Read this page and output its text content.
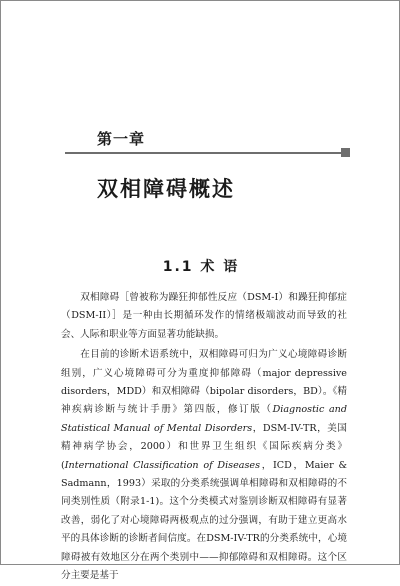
第一章
双相障碍概述
1.1 术 语

双相障碍［曾被称为躁狂抑郁性反应（DSM-I）和躁狂抑郁症（DSM-II）］是一种由长期循环发作的情绪极端波动而导致的社会、人际和职业等方面显著功能缺损。

在目前的诊断术语系统中，双相障碍可归为广义心境障碍诊断组别，广义心境障碍可分为重度抑郁障碍（major depressive disorders，MDD）和双相障碍（bipolar disorders，BD）。《精神疾病诊断与统计手册》第四版，修订版（Diagnostic and Statistical Manual of Mental Disorders，DSM-IV-TR，美国精神病学协会，2000）和世界卫生组织《国际疾病分类》(International Classification of Diseases，ICD，Maier & Sadmann，1993）采取的分类系统强调单相障碍和双相障碍的不同类别性质（附录1-1)。这个分类模式对鉴别诊断双相障碍有显著改善，弱化了对心境障碍两极观点的过分强调，有助于建立更高水平的具体诊断的诊断者间信度。在DSM-IV-TR的分类系统中，心境障碍被有效地区分在两个类别中——抑郁障碍和双相障碍。这个区分主要是基于
